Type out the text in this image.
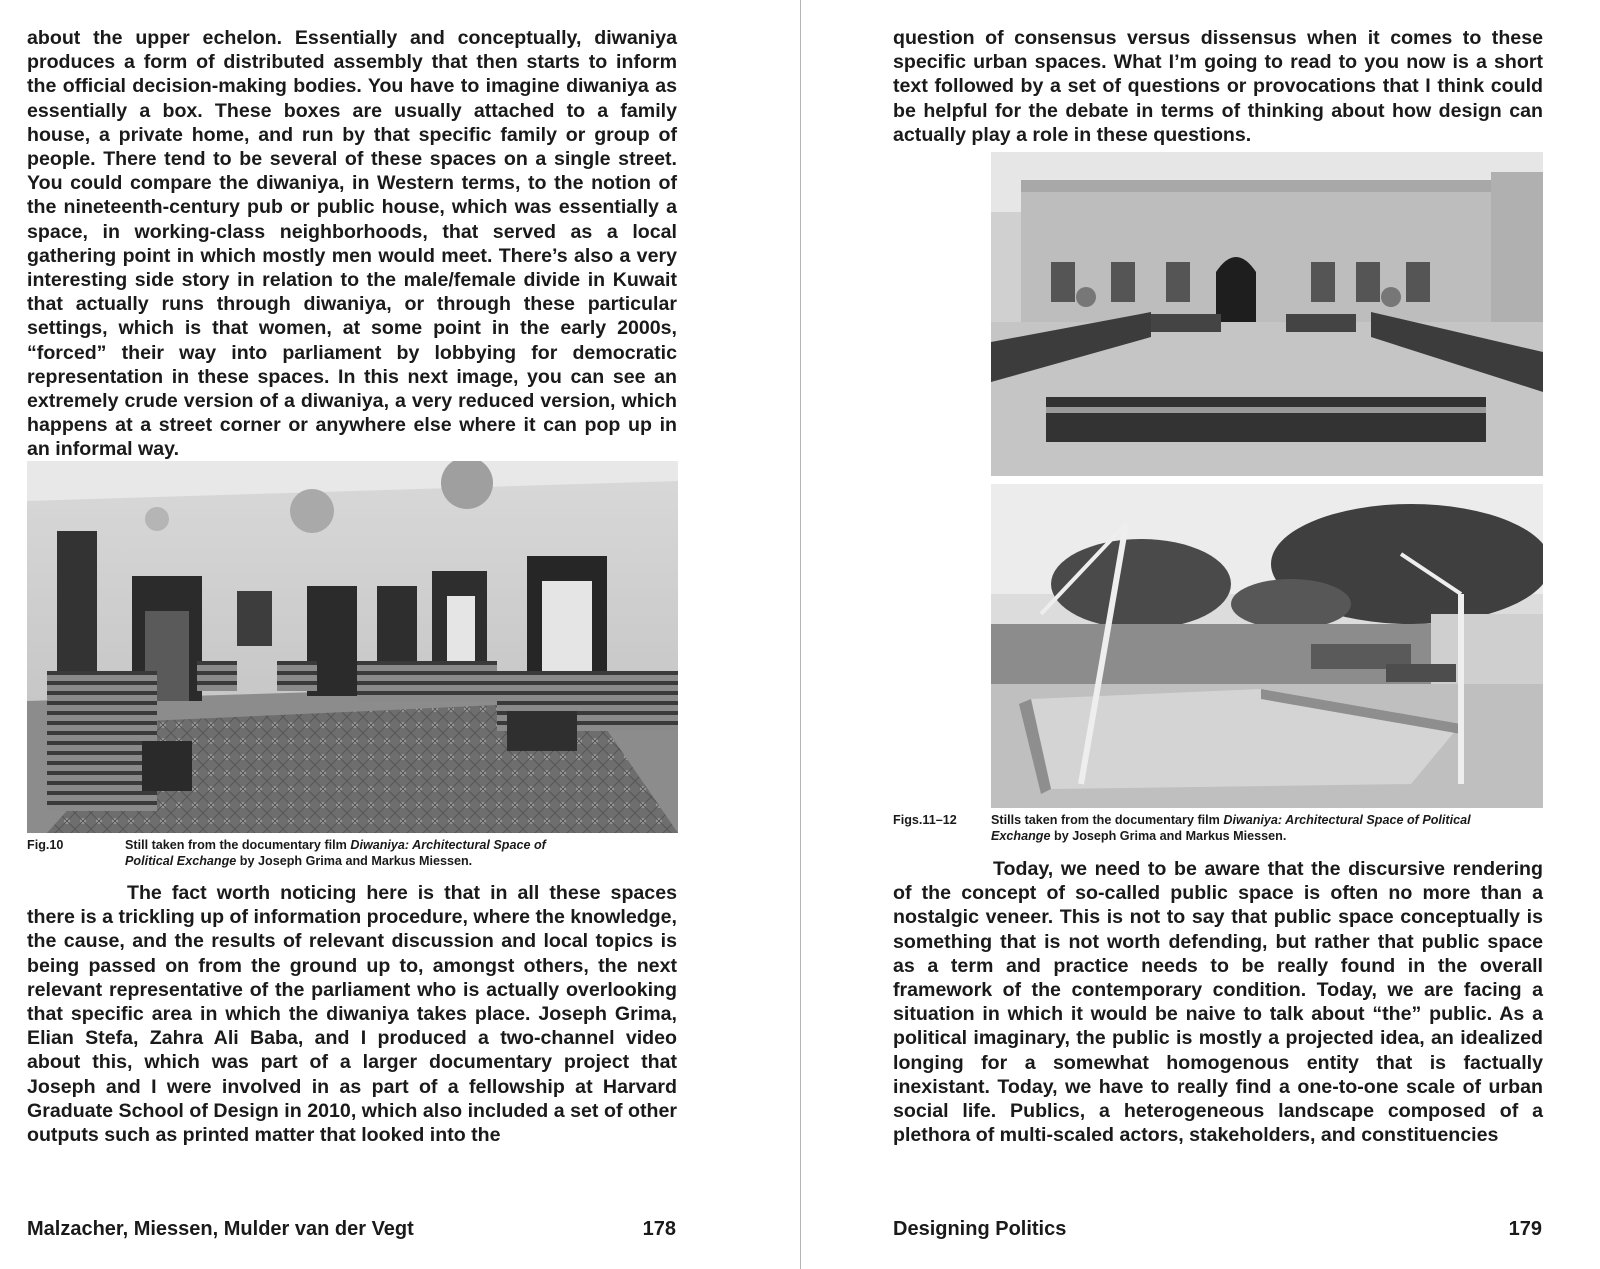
about the upper echelon. Essentially and conceptually, diwaniya produces a form of distributed assembly that then starts to inform the official decision-making bodies. You have to imagine diwaniya as essentially a box. These boxes are usually attached to a family house, a private home, and run by that specific family or group of people. There tend to be several of these spaces on a single street. You could compare the diwaniya, in Western terms, to the notion of the nineteenth-century pub or public house, which was essentially a space, in working-class neighborhoods, that served as a local gathering point in which mostly men would meet. There’s also a very interesting side story in relation to the male/female divide in Kuwait that actually runs through diwaniya, or through these particular settings, which is that women, at some point in the early 2000s, “forced” their way into parliament by lobbying for democratic representation in these spaces. In this next image, you can see an extremely crude version of a diwaniya, a very reduced version, which happens at a street corner or anywhere else where it can pop up in an informal way.

Fig.10	Still taken from the documentary film Diwaniya: Architectural Space of Political Exchange by Joseph Grima and Markus Miessen.

The fact worth noticing here is that in all these spaces there is a trickling up of information procedure, where the knowledge, the cause, and the results of relevant discussion and local topics is being passed on from the ground up to, amongst others, the next relevant representative of the parliament who is actually overlooking that specific area in which the diwaniya takes place. Joseph Grima, Elian Stefa, Zahra Ali Baba, and I produced a two-channel video about this, which was part of a larger documentary project that Joseph and I were involved in as part of a fellowship at Harvard Graduate School of Design in 2010, which also included a set of other outputs such as printed matter that looked into the

Malzacher, Miessen, Mulder van der Vegt	178

question of consensus versus dissensus when it comes to these specific urban spaces. What I’m going to read to you now is a short text followed by a set of questions or provocations that I think could be helpful for the debate in terms of thinking about how design can actually play a role in these questions.

Figs.11–12	Stills taken from the documentary film Diwaniya: Architectural Space of Political Exchange by Joseph Grima and Markus Miessen.

Today, we need to be aware that the discursive rendering of the concept of so-called public space is often no more than a nostalgic veneer. This is not to say that public space conceptually is something that is not worth defending, but rather that public space as a term and practice needs to be really found in the overall framework of the contemporary condition. Today, we are facing a situation in which it would be naive to talk about “the” public. As a political imaginary, the public is mostly a projected idea, an idealized longing for a somewhat homogenous entity that is factually inexistant. Today, we have to really find a one-to-one scale of urban social life. Publics, a heterogeneous landscape composed of a plethora of multi-scaled actors, stakeholders, and constituencies

Designing Politics	179
